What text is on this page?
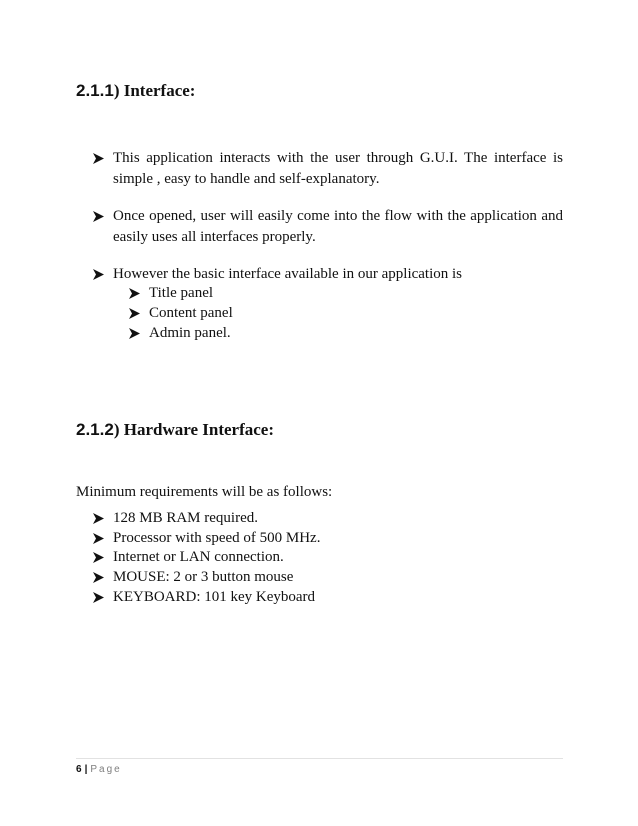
2.1.1) Interface:
This application interacts with the user through G.U.I. The interface is simple , easy to handle and self-explanatory.
Once opened, user will easily come into the flow with the application and easily uses all interfaces properly.
However the basic interface available in our application is
Title panel
Content panel
Admin panel.
2.1.2) Hardware Interface:
Minimum requirements will be as follows:
128 MB RAM required.
Processor with speed of 500 MHz.
Internet or LAN connection.
MOUSE: 2 or 3 button mouse
KEYBOARD: 101 key Keyboard
6 | Page
